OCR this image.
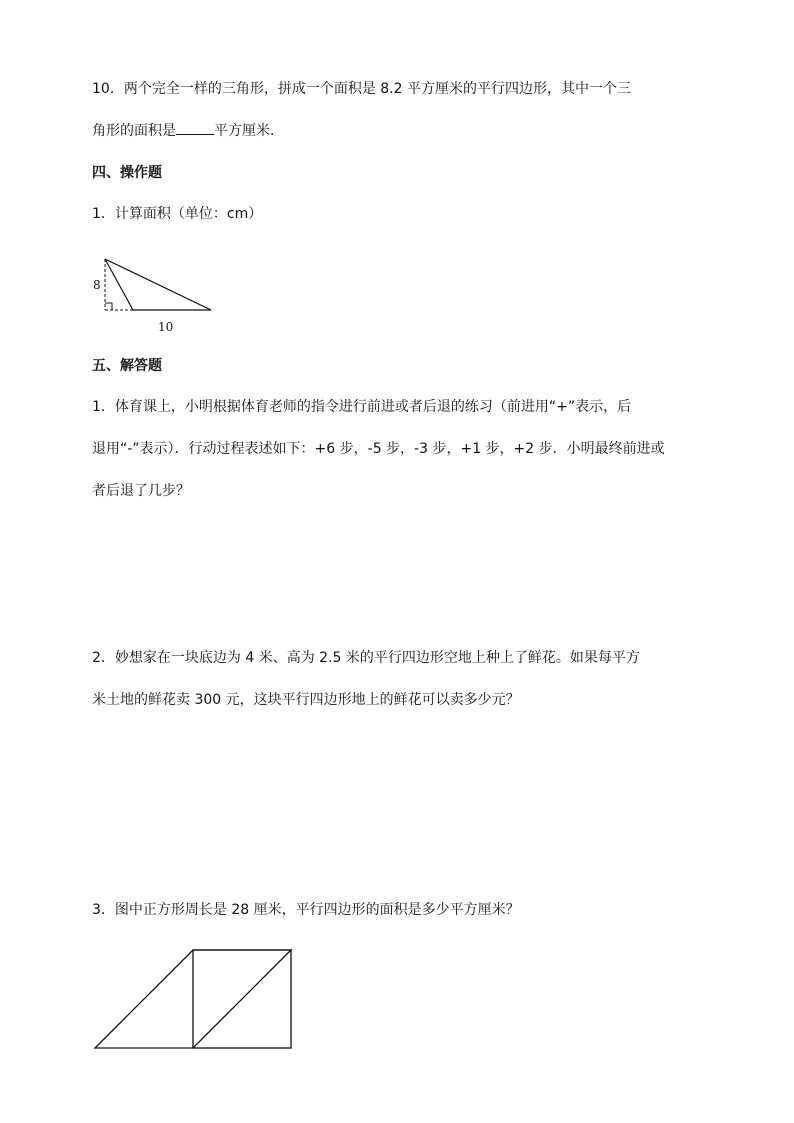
10．两个完全一样的三角形，拼成一个面积是 8.2 平方厘米的平行四边形，其中一个三
角形的面积是	平方厘米．
四、操作题
1．计算面积（单位：cm）
8
10
五、解答题
1．体育课上，小明根据体育老师的指令进行前进或者后退的练习（前进用“+”表示，后
退用“-”表示）．行动过程表述如下：+6 步，-5 步，-3 步，+1 步，+2 步．小明最终前进或
者后退了几步？
2．妙想家在一块底边为 4 米、高为 2.5 米的平行四边形空地上种上了鲜花。如果每平方
米土地的鲜花卖 300 元，这块平行四边形地上的鲜花可以卖多少元？
3．图中正方形周长是 28 厘米，平行四边形的面积是多少平方厘米？
